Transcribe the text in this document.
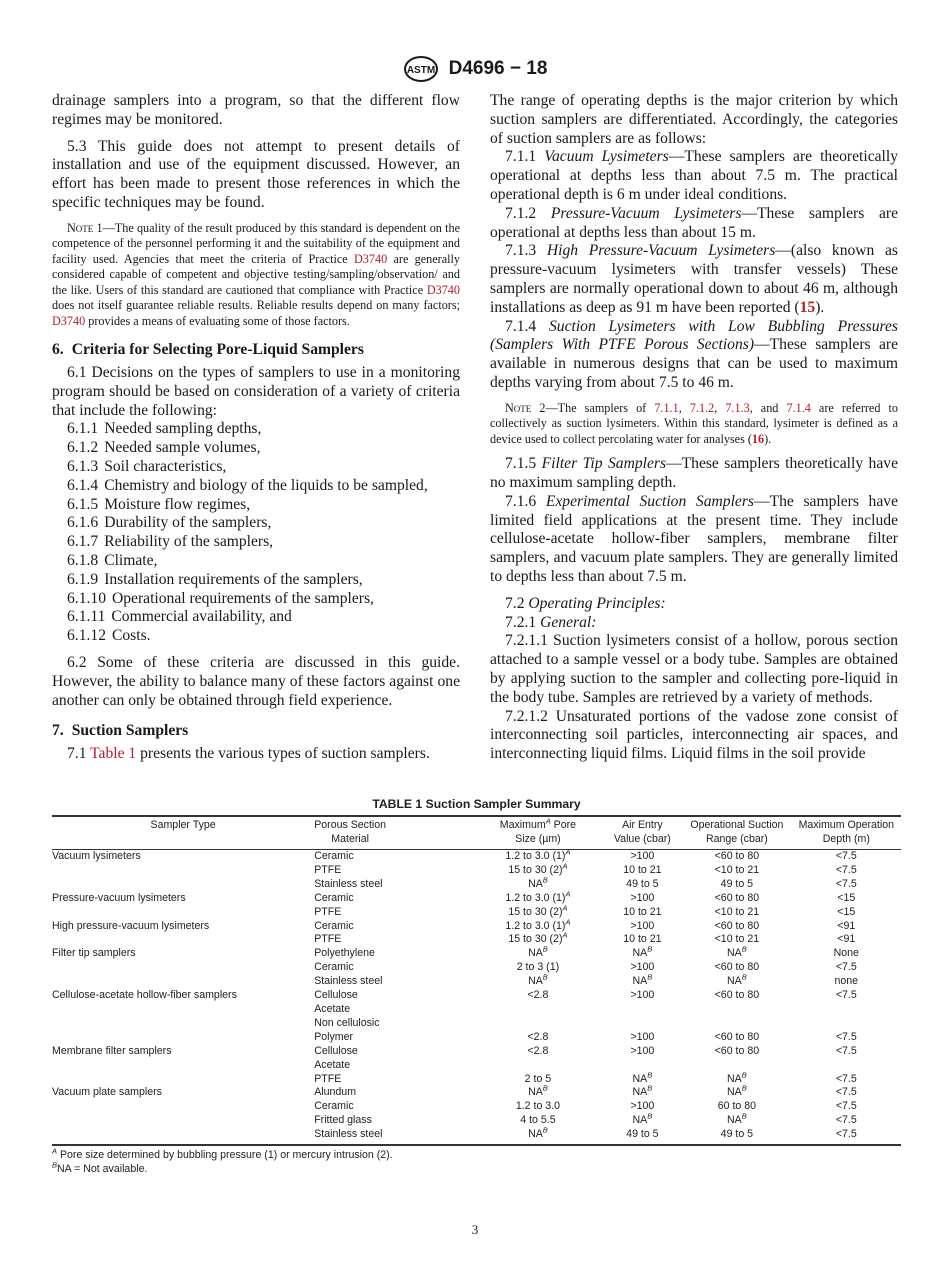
ASTM D4696 − 18

drainage samplers into a program, so that the different flow regimes may be monitored.

5.3 This guide does not attempt to present details of installation and use of the equipment discussed. However, an effort has been made to present those references in which the specific techniques may be found.

Note 1—The quality of the result produced by this standard is dependent on the competence of the personnel performing it and the suitability of the equipment and facility used. Agencies that meet the criteria of Practice D3740 are generally considered capable of competent and objective testing/sampling/observation/ and the like. Users of this standard are cautioned that compliance with Practice D3740 does not itself guarantee reliable results. Reliable results depend on many factors; D3740 provides a means of evaluating some of those factors.

6. Criteria for Selecting Pore-Liquid Samplers

6.1 Decisions on the types of samplers to use in a monitoring program should be based on consideration of a variety of criteria that include the following:

6.1.1 Needed sampling depths,

6.1.2 Needed sample volumes,

6.1.3 Soil characteristics,

6.1.4 Chemistry and biology of the liquids to be sampled,

6.1.5 Moisture flow regimes,

6.1.6 Durability of the samplers,

6.1.7 Reliability of the samplers,

6.1.8 Climate,

6.1.9 Installation requirements of the samplers,

6.1.10 Operational requirements of the samplers,

6.1.11 Commercial availability, and

6.1.12 Costs.

6.2 Some of these criteria are discussed in this guide. However, the ability to balance many of these factors against one another can only be obtained through field experience.

7. Suction Samplers

7.1 Table 1 presents the various types of suction samplers.

The range of operating depths is the major criterion by which suction samplers are differentiated. Accordingly, the categories of suction samplers are as follows:

7.1.1 Vacuum Lysimeters—These samplers are theoretically operational at depths less than about 7.5 m. The practical operational depth is 6 m under ideal conditions.

7.1.2 Pressure-Vacuum Lysimeters—These samplers are operational at depths less than about 15 m.

7.1.3 High Pressure-Vacuum Lysimeters—(also known as pressure-vacuum lysimeters with transfer vessels) These samplers are normally operational down to about 46 m, although installations as deep as 91 m have been reported (15).

7.1.4 Suction Lysimeters with Low Bubbling Pressures (Samplers With PTFE Porous Sections)—These samplers are available in numerous designs that can be used to maximum depths varying from about 7.5 to 46 m.

Note 2—The samplers of 7.1.1, 7.1.2, 7.1.3, and 7.1.4 are referred to collectively as suction lysimeters. Within this standard, lysimeter is defined as a device used to collect percolating water for analyses (16).

7.1.5 Filter Tip Samplers—These samplers theoretically have no maximum sampling depth.

7.1.6 Experimental Suction Samplers—The samplers have limited field applications at the present time. They include cellulose-acetate hollow-fiber samplers, membrane filter samplers, and vacuum plate samplers. They are generally limited to depths less than about 7.5 m.

7.2 Operating Principles:

7.2.1 General:

7.2.1.1 Suction lysimeters consist of a hollow, porous section attached to a sample vessel or a body tube. Samples are obtained by applying suction to the sampler and collecting pore-liquid in the body tube. Samples are retrieved by a variety of methods.

7.2.1.2 Unsaturated portions of the vadose zone consist of interconnecting soil particles, interconnecting air spaces, and interconnecting liquid films. Liquid films in the soil provide

TABLE 1 Suction Sampler Summary
Sampler Type	Porous Section
Material	Maximum$^A$ Pore
Size (µm)	Air Entry
Value (cbar)	Operational Suction
Range (cbar)	Maximum Operation
Depth (m)
Vacuum lysimeters	Ceramic	1.2 to 3.0 $(1)^A$	>100	<60 to 80	<7.5
	PTFE	15 to 30 $(2)^A$	10 to 21	<10 to 21	<7.5
	Stainless steel	$NA^B$	49 to 5	49 to 5	<7.5
Pressure-vacuum lysimeters	Ceramic	1.2 to 3.0 $(1)^A$	>100	<60 to 80	<15
	PTFE	15 to 30 $(2)^A$	10 to 21	<10 to 21	<15
High pressure-vacuum lysimeters	Ceramic	1.2 to 3.0 $(1)^A$	>100	<60 to 80	<91
	PTFE	15 to 30 $(2)^A$	10 to 21	<10 to 21	<91
Filter tip samplers	Polyethylene	$NA^B$	$NA^B$	$NA^B$	None
	Ceramic	2 to 3 (1)	>100	<60 to 80	<7.5
	Stainless steel	$NA^B$	$NA^B$	$NA^B$	none
Cellulose-acetate hollow-fiber samplers	Cellulose	<2.8	>100	<60 to 80	<7.5
	Acetate				
	Non cellulosic				
	Polymer	<2.8	>100	<60 to 80	<7.5
Membrane filter samplers	Cellulose	<2.8	>100	<60 to 80	<7.5
	Acetate				
	PTFE	2 to 5	$NA^B$	$NA^B$	<7.5
Vacuum plate samplers	Alundum	$NA^B$	$NA^B$	$NA^B$	<7.5
	Ceramic	1.2 to 3.0	>100	60 to 80	<7.5
	Fritted glass	4 to 5.5	$NA^B$	$NA^B$	<7.5
	Stainless steel	$NA^B$	49 to 5	49 to 5	<7.5
$^A$ Pore size determined by bubbling pressure (1) or mercury intrusion (2).
$^B$NA = Not available.
3
